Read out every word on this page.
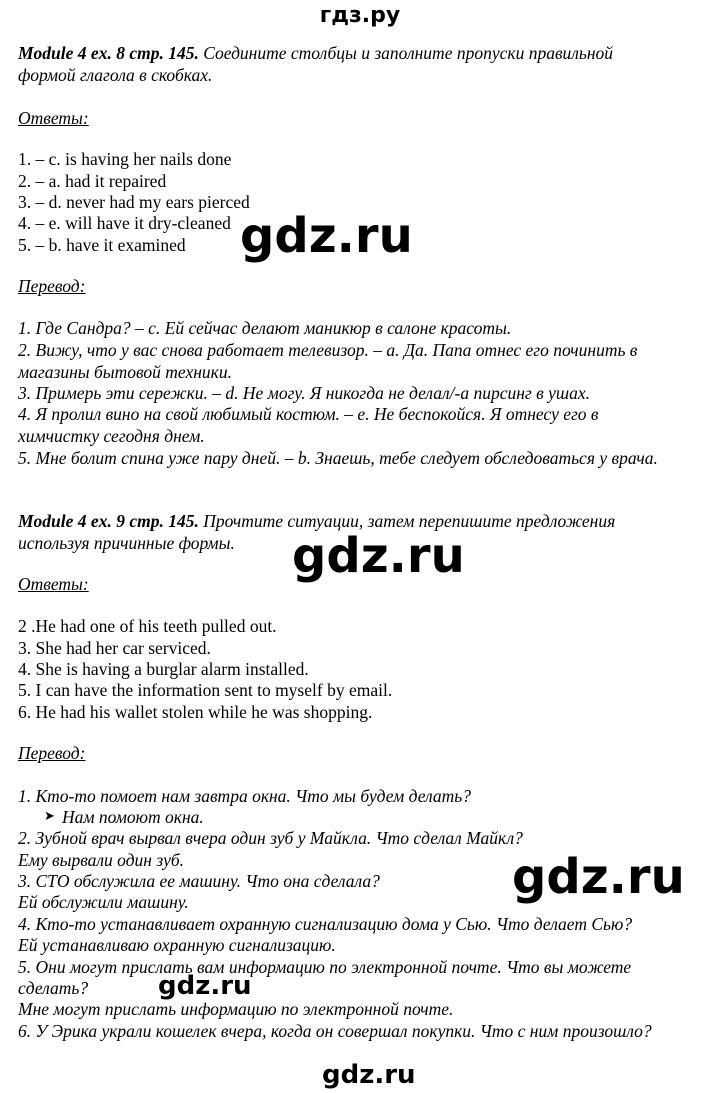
гдз.ру
Module 4 ex. 8 стр. 145. Соедините столбцы и заполните пропуски правильной
формой глагола в скобках.
Ответы:
1. – c. is having her nails done
2. – a. had it repaired
3. – d. never had my ears pierced
4. – e. will have it dry-cleaned
5. – b. have it examined
Перевод:
1. Где Сандра? – c. Ей сейчас делают маникюр в салоне красоты.
2. Вижу, что у вас снова работает телевизор. – a. Да. Папа отнес его починить в
магазины бытовой техники.
3. Примерь эти сережки. – d. Не могу. Я никогда не делал/-а пирсинг в ушах.
4. Я пролил вино на свой любимый костюм. – e. Не беспокойся. Я отнесу его в
химчистку сегодня днем.
5. Мне болит спина уже пару дней. – b. Знаешь, тебе следует обследоваться у врача.
Module 4 ex. 9 стр. 145. Прочтите ситуации, затем перепишите предложения
используя причинные формы.
Ответы:
2 .He had one of his teeth pulled out.
3. She had her car serviced.
4. She is having a burglar alarm installed.
5. I can have the information sent to myself by email.
6. He had his wallet stolen while he was shopping.
Перевод:
1. Кто-то помоет нам завтра окна. Что мы будем делать?
➤ Нам помоют окна.
2. Зубной врач вырвал вчера один зуб у Майкла. Что сделал Майкл?
Ему вырвали один зуб.
3. СТО обслужила ее машину. Что она сделала?
Ей обслужили машину.
4. Кто-то устанавливает охранную сигнализацию дома у Сью. Что делает Сью?
Ей устанавливаю охранную сигнализацию.
5. Они могут прислать вам информацию по электронной почте. Что вы можете
сделать?
Мне могут прислать информацию по электронной почте.
6. У Эрика украли кошелек вчера, когда он совершал покупки. Что с ним произошло?
gdz.ru
gdz.ru
gdz.ru
gdz.ru
gdz.ru
